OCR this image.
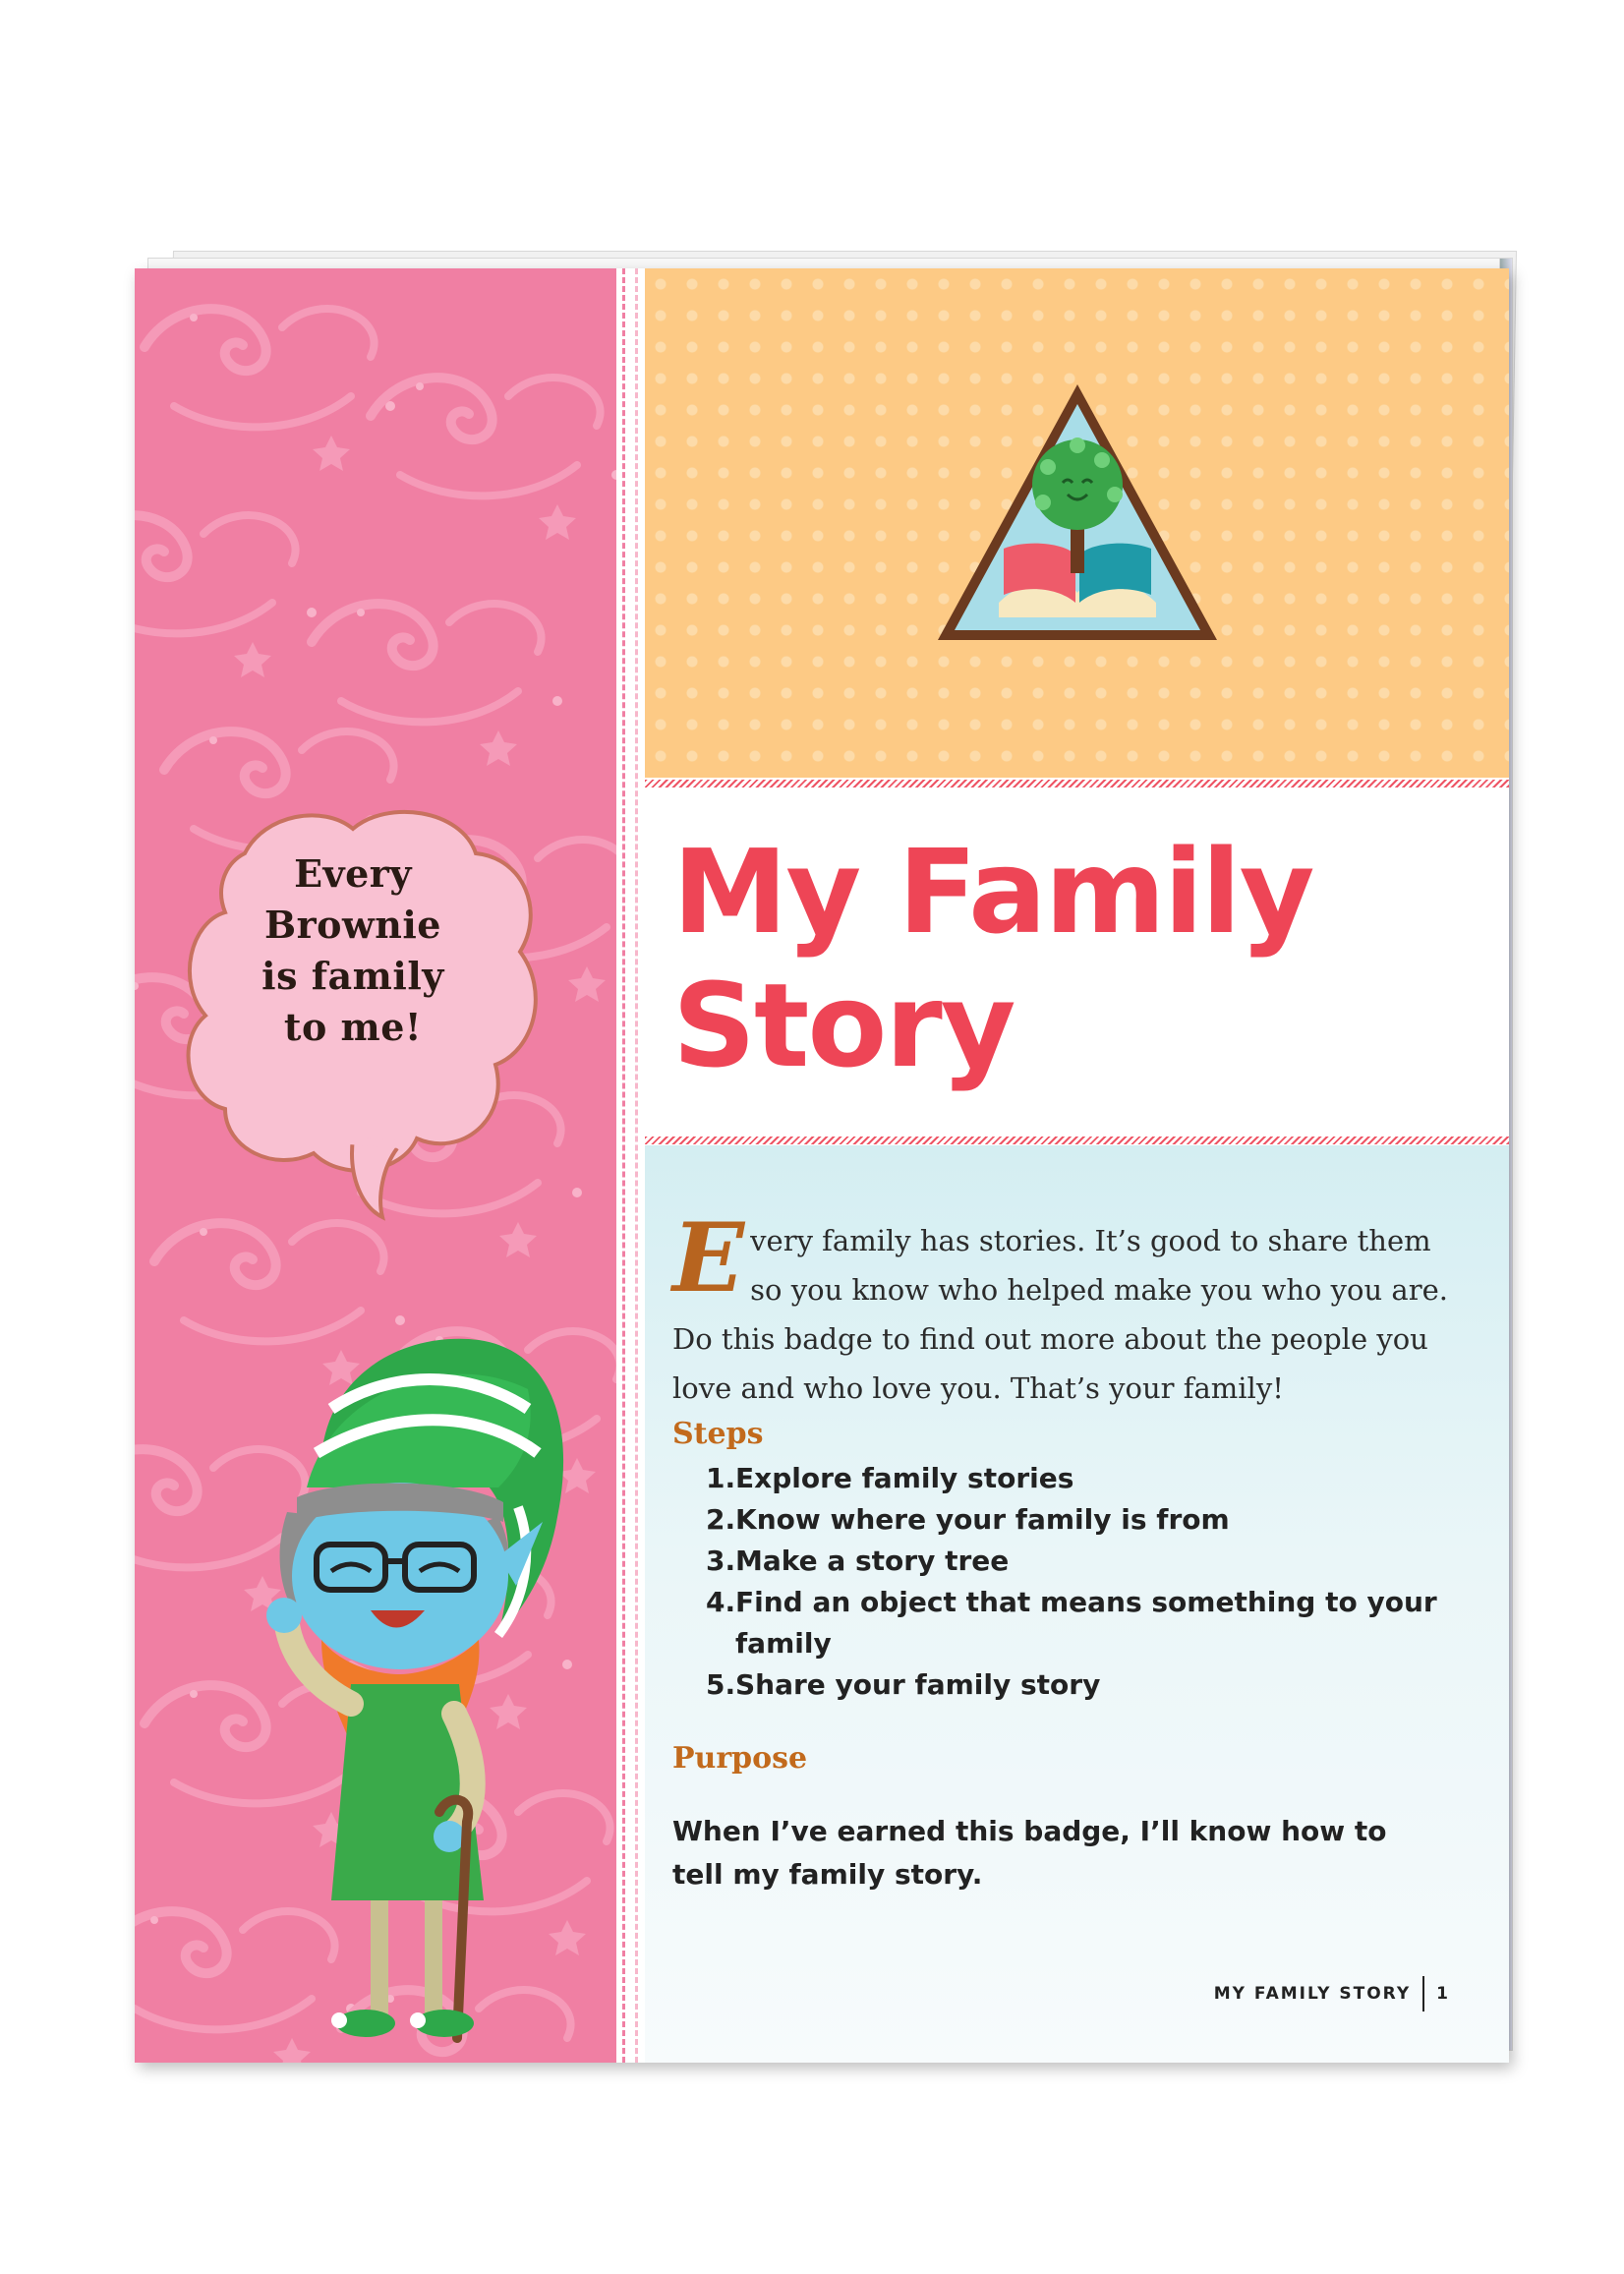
Every
Brownie
is family
to me!
My Family
Story

Every family has stories. It’s good to share them so you know who helped make you who you are. Do this badge to find out more about the people you love and who love you. That’s your family!

Steps
1. Explore family stories
2. Know where your family is from
3. Make a story tree
4. Find an object that means something to your family
5. Share your family story
Purpose

When I’ve earned this badge, I’ll know how to tell my family story.

MY FAMILY STORY 1
